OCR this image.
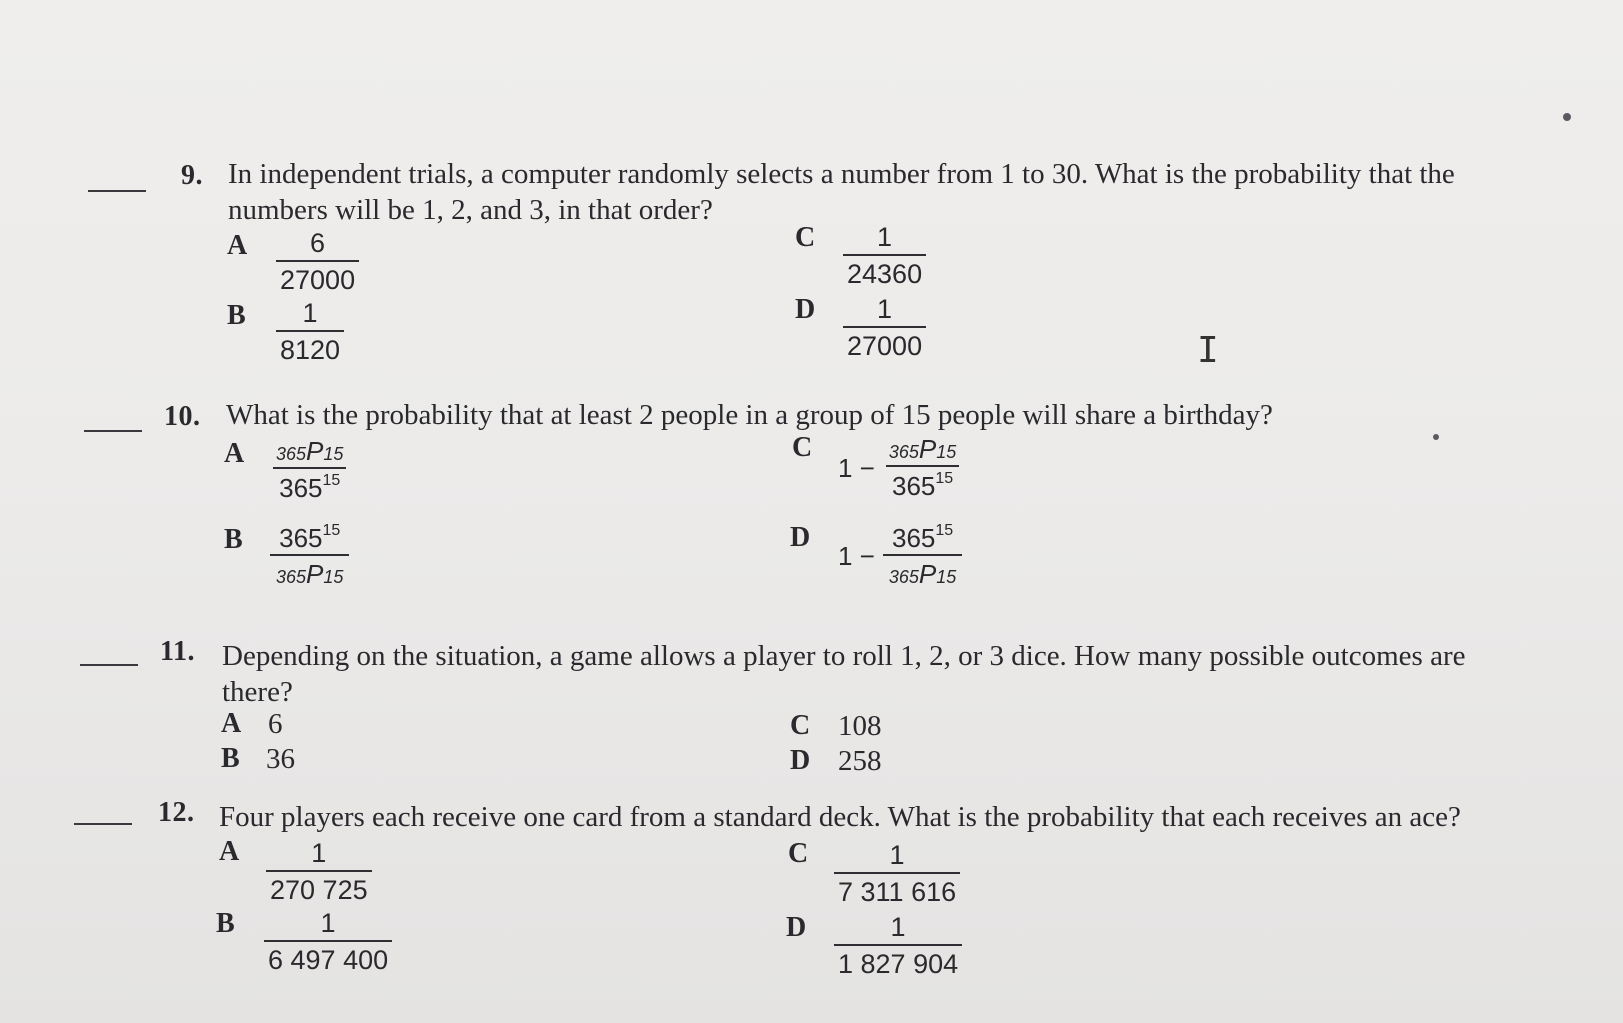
9. In independent trials, a computer randomly selects a number from 1 to 30. What is the probability that the numbers will be 1, 2, and 3, in that order?
A $\frac{6}{27000}$
B $\frac{1}{8120}$
C $\frac{1}{24360}$
D $\frac{1}{27000}$	I
10. What is the probability that at least 2 people in a group of 15 people will share a birthday?
A $\frac{365P15}{365^{15}}$
B $\frac{365^{15}}{365P15}$
C
$1 - \frac{365P15}{365^{15}}$
D
$1 - \frac{365^{15}}{365P15}$
11. Depending on the situation, a game allows a player to roll 1, 2, or 3 dice. How many possible outcomes are there?
A 6
B 36
C 108
D 258
12. Four players each receive one card from a standard deck. What is the probability that each receives an ace?
A $\frac{1}{270 725}$
B $\frac{1}{6 497 400}$
C $\frac{1}{7 311 616}$
D $\frac{1}{1 827 904}$
